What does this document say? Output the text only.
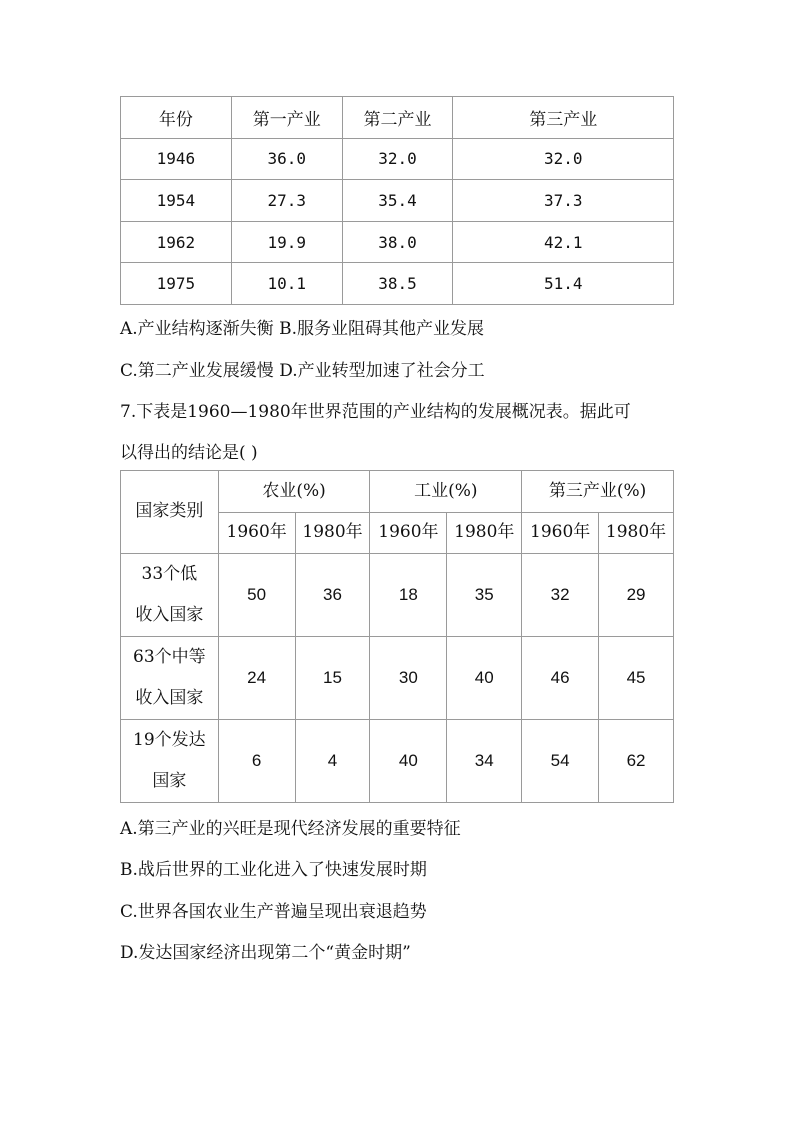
年份	第一产业	第二产业	第三产业
1946	36.0	32.0	32.0
1954	27.3	35.4	37.3
1962	19.9	38.0	42.1
1975	10.1	38.5	51.4
A.产业结构逐渐失衡 B.服务业阻碍其他产业发展
C.第二产业发展缓慢 D.产业转型加速了社会分工
7.下表是1960—1980年世界范围的产业结构的发展概况表。据此可
以得出的结论是( )
国家类别	农业(%)		工业(%)		第三产业(%)	
	1960年	1980年	1960年	1980年	1960年	1980年

33个低
收入国家	50	36	18	35	32	29

63个中等
收入国家	24	15	30	40	46	45

19个发达
国家	6	4	40	34	54	62
A.第三产业的兴旺是现代经济发展的重要特征
B.战后世界的工业化进入了快速发展时期
C.世界各国农业生产普遍呈现出衰退趋势
D.发达国家经济出现第二个“黄金时期”
